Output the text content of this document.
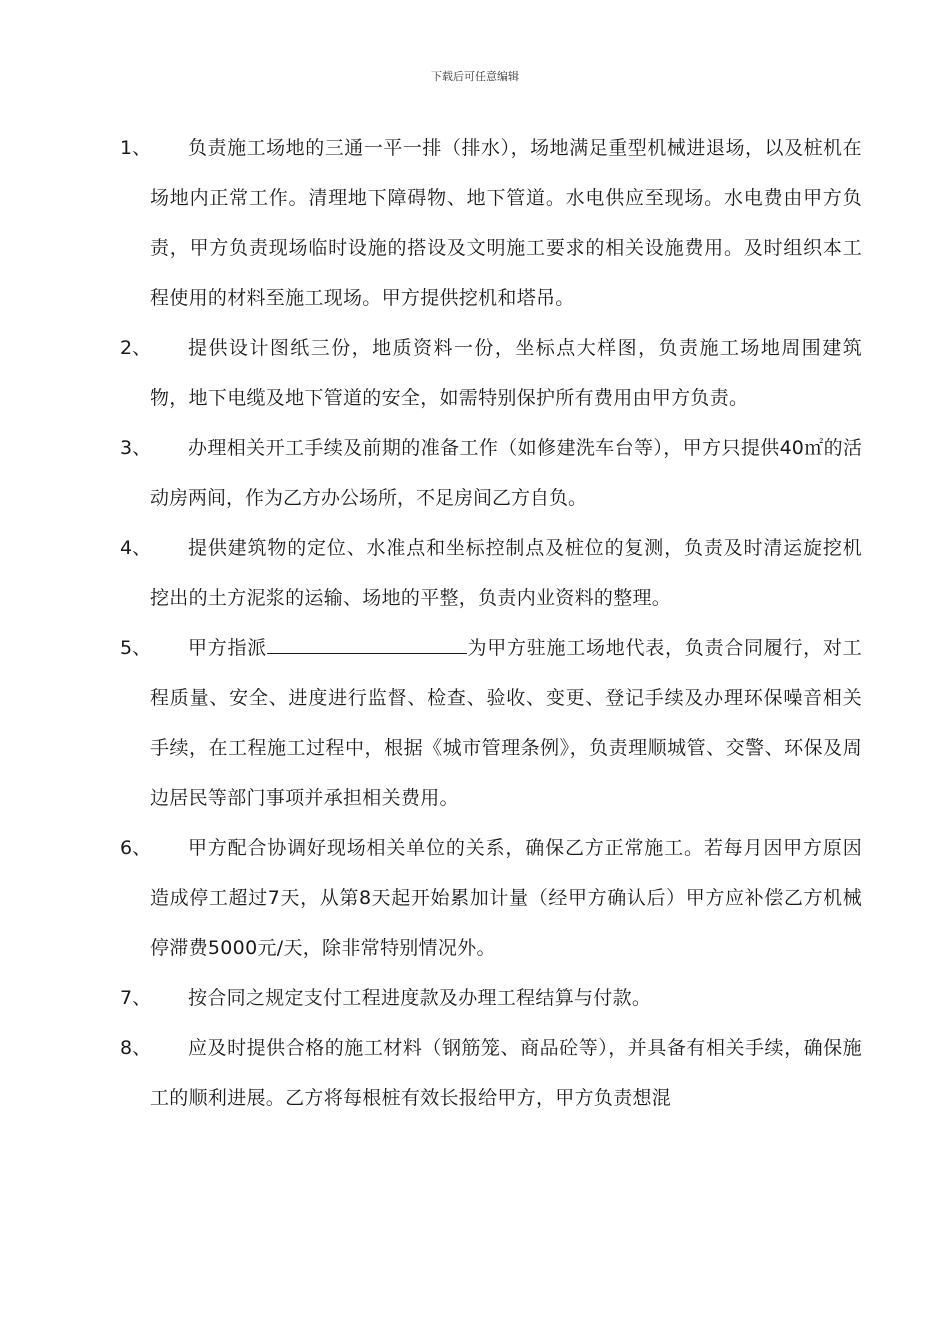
下载后可任意编辑
1、	负责施工场地的三通一平一排（排水），场地满足重型机械进退场，以及桩机在场地内正常工作。清理地下障碍物、地下管道。水电供应至现场。水电费由甲方负责，甲方负责现场临时设施的搭设及文明施工要求的相关设施费用。及时组织本工程使用的材料至施工现场。甲方提供挖机和塔吊。
2、	提供设计图纸三份，地质资料一份，坐标点大样图，负责施工场地周围建筑物，地下电缆及地下管道的安全，如需特别保护所有费用由甲方负责。
3、	办理相关开工手续及前期的准备工作（如修建洗车台等），甲方只提供40㎡的活动房两间，作为乙方办公场所，不足房间乙方自负。
4、	提供建筑物的定位、水准点和坐标控制点及桩位的复测，负责及时清运旋挖机挖出的土方泥浆的运输、场地的平整，负责内业资料的整理。
5、	甲方指派	为甲方驻施工场地代表，负责合同履行，对工程质量、安全、进度进行监督、检查、验收、变更、登记手续及办理环保噪音相关手续，在工程施工过程中，根据《城市管理条例》，负责理顺城管、交警、环保及周边居民等部门事项并承担相关费用。
6、	甲方配合协调好现场相关单位的关系，确保乙方正常施工。若每月因甲方原因造成停工超过7天，从第8天起开始累加计量（经甲方确认后）甲方应补偿乙方机械停滞费5000元/天，除非常特别情况外。
7、	按合同之规定支付工程进度款及办理工程结算与付款。
8、	应及时提供合格的施工材料（钢筋笼、商品砼等），并具备有相关手续，确保施工的顺利进展。乙方将每根桩有效长报给甲方，甲方负责想混
